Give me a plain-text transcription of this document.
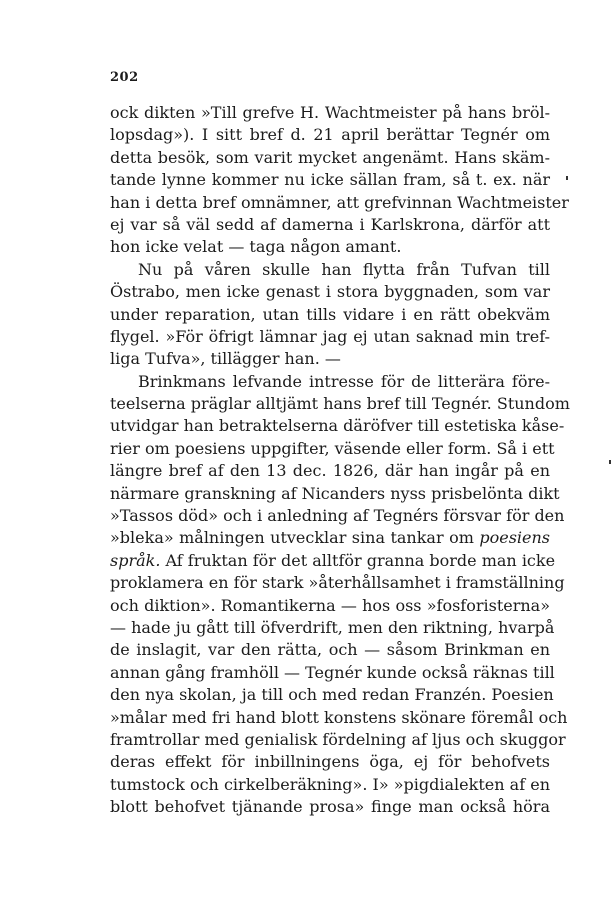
202
ock dikten »Till grefve H. Wachtmeister på hans bröl-
lopsdag»). I sitt bref d. 21 april berättar Tegnér om
detta besök, som varit mycket angenämt. Hans skäm-
tande lynne kommer nu icke sällan fram, så t. ex. när
han i detta bref omnämner, att grefvinnan Wachtmeister
ej var så väl sedd af damerna i Karlskrona, därför att
hon icke velat — taga någon amant.
Nu på våren skulle han flytta från Tufvan till
Östrabo, men icke genast i stora byggnaden, som var
under reparation, utan tills vidare i en rätt obekväm
flygel. »För öfrigt lämnar jag ej utan saknad min tref-
liga Tufva», tillägger han. —
Brinkmans lefvande intresse för de litterära före-
teelserna präglar alltjämt hans bref till Tegnér. Stundom
utvidgar han betraktelserna däröfver till estetiska kåse-
rier om poesiens uppgifter, väsende eller form. Så i ett
längre bref af den 13 dec. 1826, där han ingår på en
närmare granskning af Nicanders nyss prisbelönta dikt
»Tassos död» och i anledning af Tegnérs försvar för den
»bleka» målningen utvecklar sina tankar om poesiens
språk. Af fruktan för det alltför granna borde man icke
proklamera en för stark »återhållsamhet i framställning
och diktion». Romantikerna — hos oss »fosforisterna»
— hade ju gått till öfverdrift, men den riktning, hvarpå
de inslagit, var den rätta, och — såsom Brinkman en
annan gång framhöll — Tegnér kunde också räknas till
den nya skolan, ja till och med redan Franzén. Poesien
»målar med fri hand blott konstens skönare föremål och
framtrollar med genialisk fördelning af ljus och skuggor
deras effekt för inbillningens öga, ej för behofvets
tumstock och cirkelberäkning». I» »pigdialekten af en
blott behofvet tjänande prosa» finge man också höra
